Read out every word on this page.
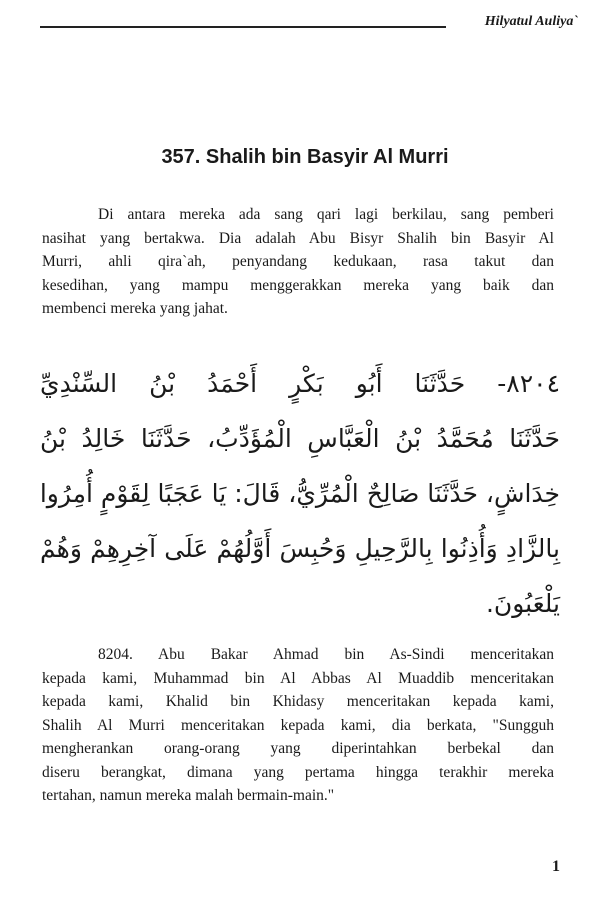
Hilyatul Auliya`
357. Shalih bin Basyir Al Murri
Di antara mereka ada sang qari lagi berkilau, sang pemberi
nasihat yang bertakwa. Dia adalah Abu Bisyr Shalih bin Basyir Al
Murri, ahli qira`ah, penyandang kedukaan, rasa takut dan
kesedihan, yang mampu menggerakkan mereka yang baik dan
membenci mereka yang jahat.
٨٢٠٤- حَدَّثَنَا أَبُو بَكْرٍ أَحْمَدُ بْنُ السِّنْدِيِّ
حَدَّثَنَا مُحَمَّدُ بْنُ الْعَبَّاسِ الْمُؤَدِّبُ، حَدَّثَنَا خَالِدُ بْنُ
خِدَاشٍ، حَدَّثَنَا صَالِحٌ الْمُرِّيُّ، قَالَ: يَا عَجَبًا لِقَوْمٍ أُمِرُوا
بِالزَّادِ وَأُذِنُوا بِالرَّحِيلِ وَحُبِسَ أَوَّلُهُمْ عَلَى آخِرِهِمْ وَهُمْ
يَلْعَبُونَ.
8204. Abu Bakar Ahmad bin As-Sindi menceritakan
kepada kami, Muhammad bin Al Abbas Al Muaddib menceritakan
kepada kami, Khalid bin Khidasy menceritakan kepada kami,
Shalih Al Murri menceritakan kepada kami, dia berkata, "Sungguh
mengherankan orang-orang yang diperintahkan berbekal dan
diseru berangkat, dimana yang pertama hingga terakhir mereka
tertahan, namun mereka malah bermain-main."
1
